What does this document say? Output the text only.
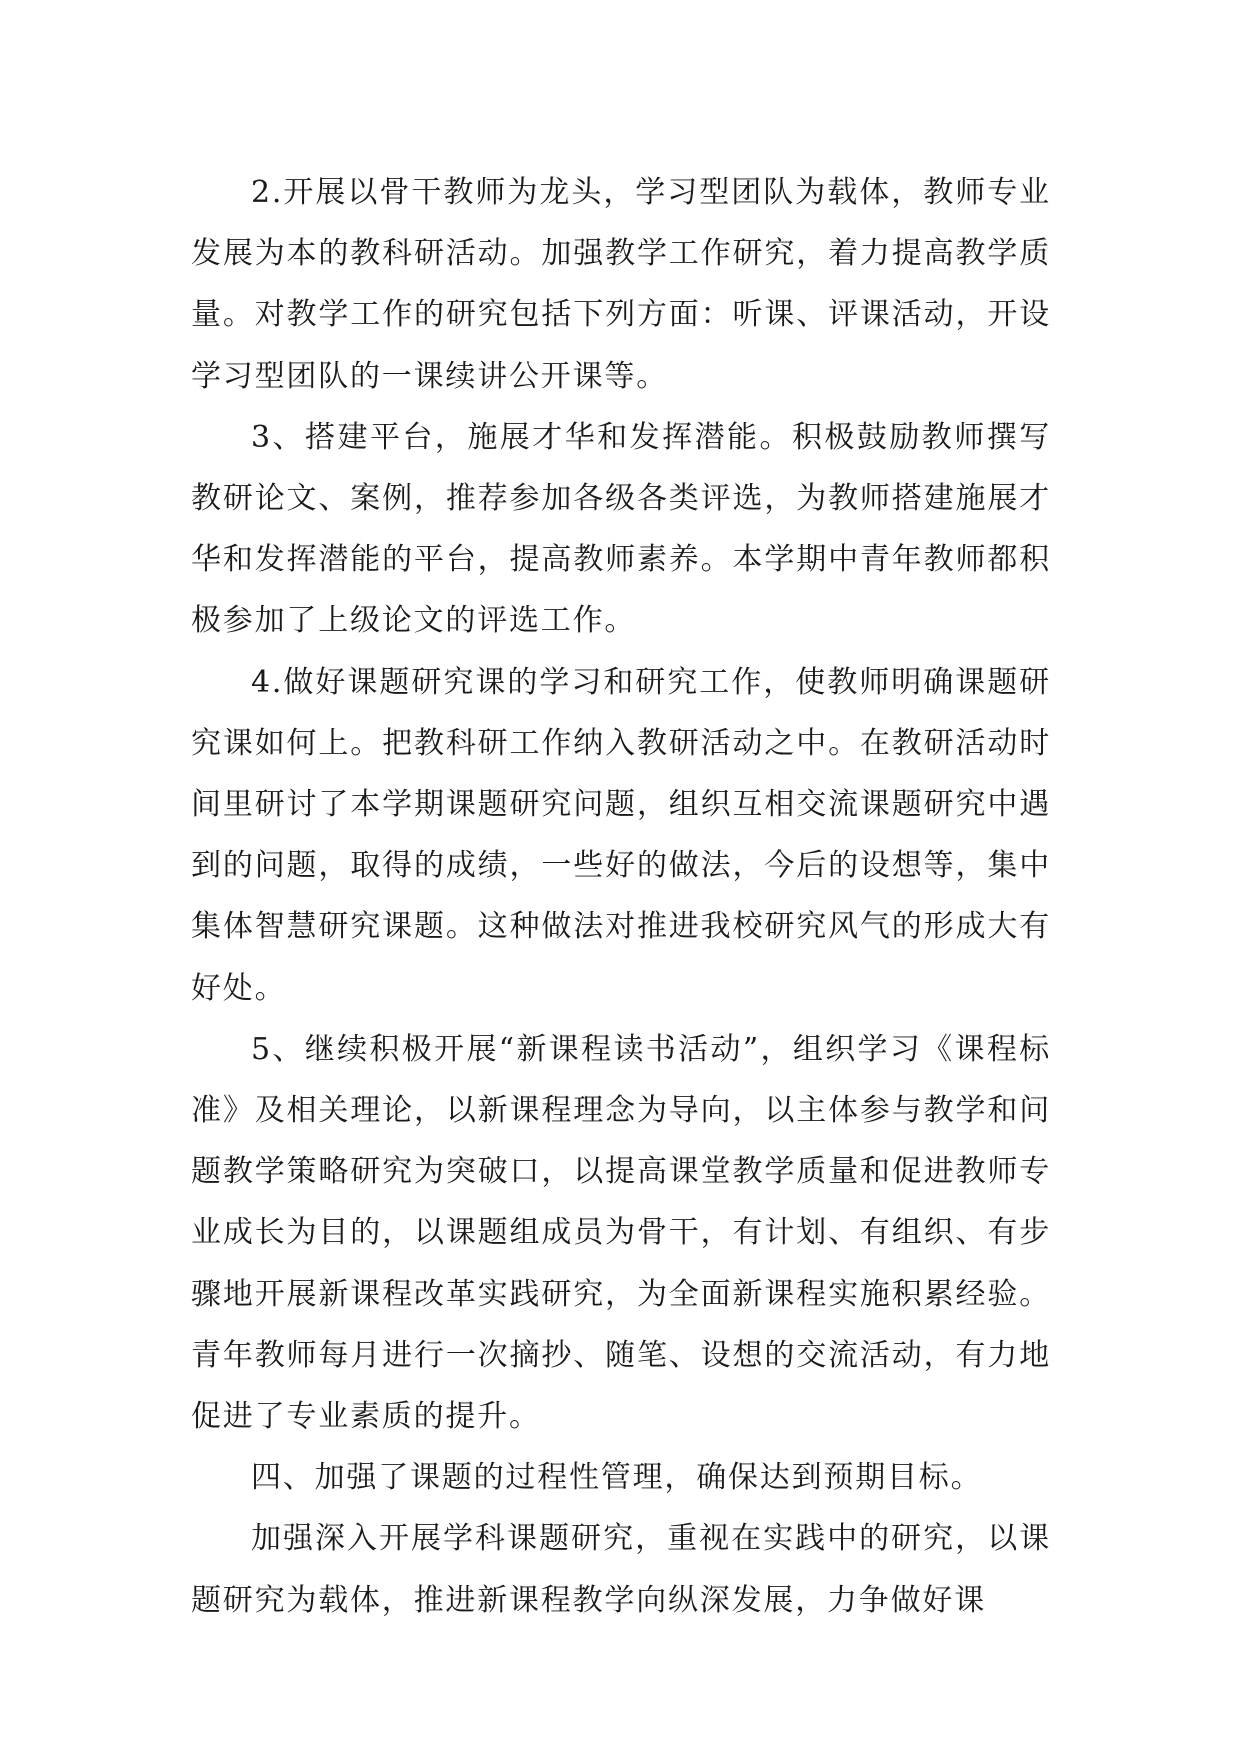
2.开展以骨干教师为龙头，学习型团队为载体，教师专业发展为本的教科研活动。加强教学工作研究，着力提高教学质量。对教学工作的研究包括下列方面：听课、评课活动，开设学习型团队的一课续讲公开课等。

3、搭建平台，施展才华和发挥潜能。积极鼓励教师撰写教研论文、案例，推荐参加各级各类评选，为教师搭建施展才华和发挥潜能的平台，提高教师素养。本学期中青年教师都积极参加了上级论文的评选工作。

4.做好课题研究课的学习和研究工作，使教师明确课题研究课如何上。把教科研工作纳入教研活动之中。在教研活动时间里研讨了本学期课题研究问题，组织互相交流课题研究中遇到的问题，取得的成绩，一些好的做法，今后的设想等，集中集体智慧研究课题。这种做法对推进我校研究风气的形成大有好处。

5、继续积极开展“新课程读书活动”，组织学习《课程标准》及相关理论，以新课程理念为导向，以主体参与教学和问题教学策略研究为突破口，以提高课堂教学质量和促进教师专业成长为目的，以课题组成员为骨干，有计划、有组织、有步骤地开展新课程改革实践研究，为全面新课程实施积累经验。青年教师每月进行一次摘抄、随笔、设想的交流活动，有力地促进了专业素质的提升。

四、加强了课题的过程性管理，确保达到预期目标。

加强深入开展学科课题研究，重视在实践中的研究，以课题研究为载体，推进新课程教学向纵深发展，力争做好课
